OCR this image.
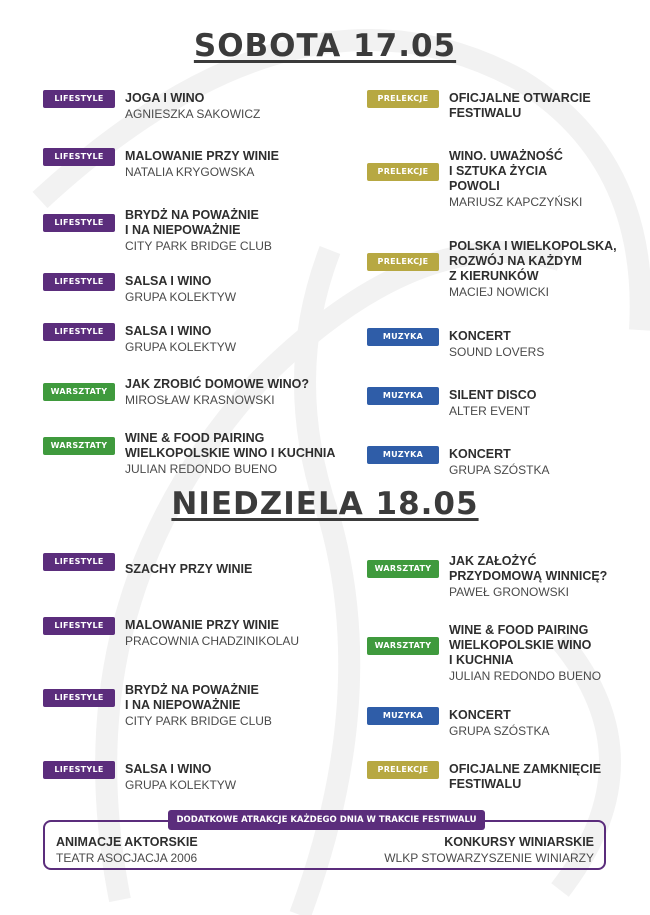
SOBOTA 17.05
LIFESTYLE	JOGA I WINO
AGNIESZKA SAKOWICZ
LIFESTYLE	MALOWANIE PRZY WINIE
NATALIA KRYGOWSKA
LIFESTYLE
BRYDŻ NA POWAŻNIE
I NA NIEPOWAŻNIE
CITY PARK BRIDGE CLUB
LIFESTYLE	SALSA I WINO
GRUPA KOLEKTYW
LIFESTYLE	SALSA I WINO
GRUPA KOLEKTYW
WARSZTATY
JAK ZROBIĆ DOMOWE WINO?
MIROSŁAW KRASNOWSKI
WARSZTATY
WINE & FOOD PAIRING
WIELKOPOLSKIE WINO I KUCHNIA
JULIAN REDONDO BUENO
PRELEKCJE	OFICJALNE OTWARCIE
FESTIWALU
PRELEKCJE
WINO. UWAŻNOŚĆ
I SZTUKA ŻYCIA
POWOLI
MARIUSZ KAPCZYŃSKI
PRELEKCJE
POLSKA I WIELKOPOLSKA,
ROZWÓJ NA KAŻDYM
Z KIERUNKÓW
MACIEJ NOWICKI
MUZYKA	KONCERT
SOUND LOVERS
MUZYKA	SILENT DISCO
ALTER EVENT
MUZYKA	KONCERT
GRUPA SZÓSTKA
NIEDZIELA 18.05
LIFESTYLE
SZACHY PRZY WINIE
LIFESTYLE	MALOWANIE PRZY WINIE
PRACOWNIA CHADZINIKOLAU
LIFESTYLE
BRYDŻ NA POWAŻNIE
I NA NIEPOWAŻNIE
CITY PARK BRIDGE CLUB
LIFESTYLE	SALSA I WINO
GRUPA KOLEKTYW
WARSZTATY
JAK ZAŁOŻYĆ
PRZYDOMOWĄ WINNICĘ?
PAWEŁ GRONOWSKI
WARSZTATY
WINE & FOOD PAIRING
WIELKOPOLSKIE WINO
I KUCHNIA
JULIAN REDONDO BUENO
MUZYKA	KONCERT
GRUPA SZÓSTKA
PRELEKCJE	OFICJALNE ZAMKNIĘCIE
FESTIWALU
DODATKOWE ATRAKCJE KAŻDEGO DNIA W TRAKCIE FESTIWALU
ANIMACJE AKTORSKIE
TEATR ASOCJACJA 2006
KONKURSY WINIARSKIE
WLKP STOWARZYSZENIE WINIARZY
